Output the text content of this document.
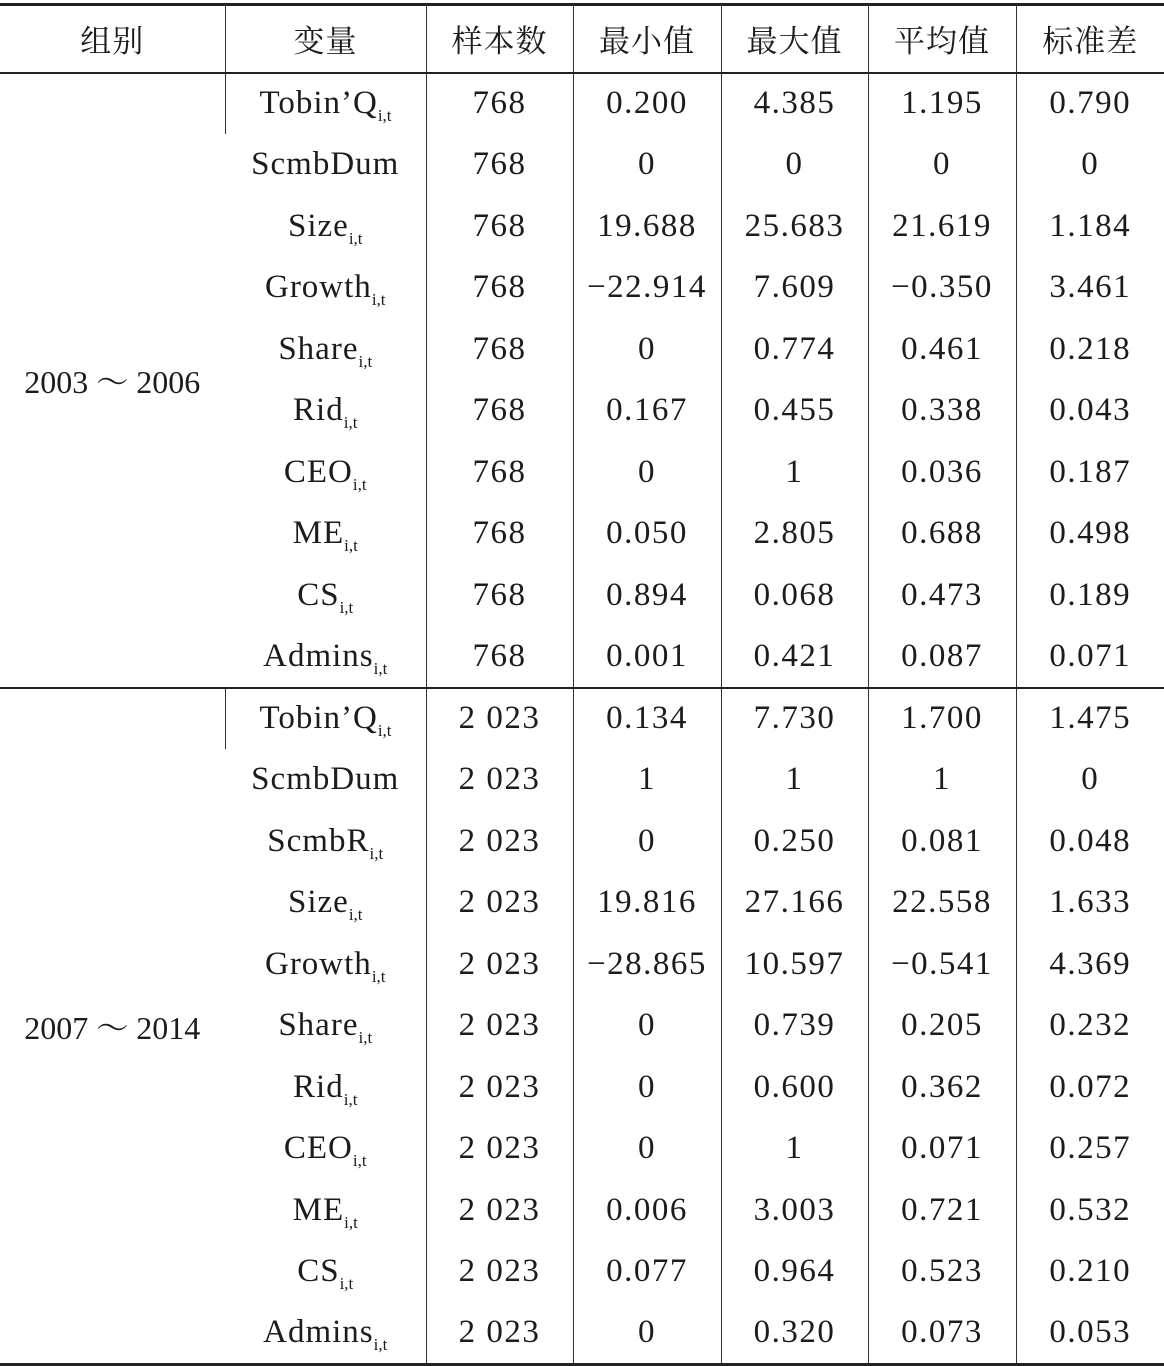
组别	变量	样本数	最小值	最大值	平均值	标准差
2003 ～ 2006	$Tobin’Q_{i,t}$	768	0.200	4.385	1.195	0.790
	ScmbDum	768	0	0	0	0
	Size$_{i,t}$	768	19.688	25.683	21.619	1.184
	Growth$_{i,t}$	768	−22.914	7.609	−0.350	3.461
	Share$_{i,t}$	768	0	0.774	0.461	0.218
	Rid$_{i,t}$	768	0.167	0.455	0.338	0.043
	$CEO_{i,t}$	768	0	1	0.036	0.187
	$ME_{i,t}$	768	0.050	2.805	0.688	0.498
	$CS_{i,t}$	768	0.894	0.068	0.473	0.189
	Admins$_{i,t}$	768	0.001	0.421	0.087	0.071
2007 ～ 2014	$Tobin’Q_{i,t}$	2 023	0.134	7.730	1.700	1.475
	ScmbDum	2 023	1	1	1	0
	ScmbR$_{i,t}$	2 023	0	0.250	0.081	0.048
	Size$_{i,t}$	2 023	19.816	27.166	22.558	1.633
	Growth$_{i,t}$	2 023	−28.865	10.597	−0.541	4.369
	Share$_{i,t}$	2 023	0	0.739	0.205	0.232
	Rid$_{i,t}$	2 023	0	0.600	0.362	0.072
	$CEO_{i,t}$	2 023	0	1	0.071	0.257
	$ME_{i,t}$	2 023	0.006	3.003	0.721	0.532
	$CS_{i,t}$	2 023	0.077	0.964	0.523	0.210
	Admins$_{i,t}$	2 023	0	0.320	0.073	0.053
